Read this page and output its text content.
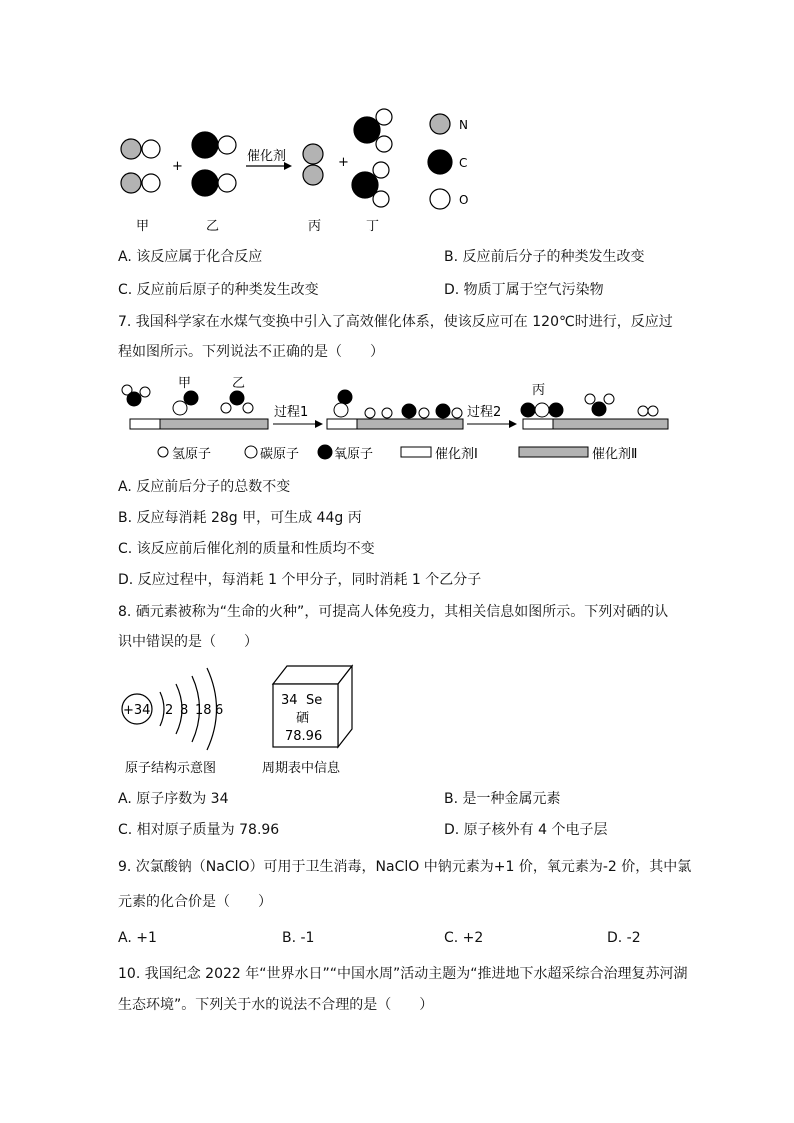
催化剂
+	+
甲	乙	丙	丁
N
C
O
A. 该反应属于化合反应	B. 反应前后分子的种类发生改变
C. 反应前后原子的种类发生改变	D. 物质丁属于空气污染物
7. 我国科学家在水煤气变换中引入了高效催化体系，使该反应可在 120℃时进行，反应过
程如图所示。下列说法不正确的是（　　）
过程1	过程2
甲	乙	丙
氢原子	碳原子	氧原子	催化剂Ⅰ	催化剂Ⅱ
A. 反应前后分子的总数不变
B. 反应每消耗 28g 甲，可生成 44g 丙
C. 该反应前后催化剂的质量和性质均不变
D. 反应过程中，每消耗 1 个甲分子，同时消耗 1 个乙分子
8. 硒元素被称为“生命的火种”，可提高人体免疫力，其相关信息如图所示。下列对硒的认
识中错误的是（　　）
+34 2 8 18 6
原子结构示意图
34 Se
硒
78.96
周期表中信息
A. 原子序数为 34	B. 是一种金属元素
C. 相对原子质量为 78.96	D. 原子核外有 4 个电子层
9. 次氯酸钠（NaClO）可用于卫生消毒，NaClO 中钠元素为+1 价，氧元素为-2 价，其中氯
元素的化合价是（　　）
A. +1	B. -1	C. +2	D. -2
10. 我国纪念 2022 年“世界水日”“中国水周”活动主题为“推进地下水超采综合治理复苏河湖
生态环境”。下列关于水的说法不合理的是（　　）
